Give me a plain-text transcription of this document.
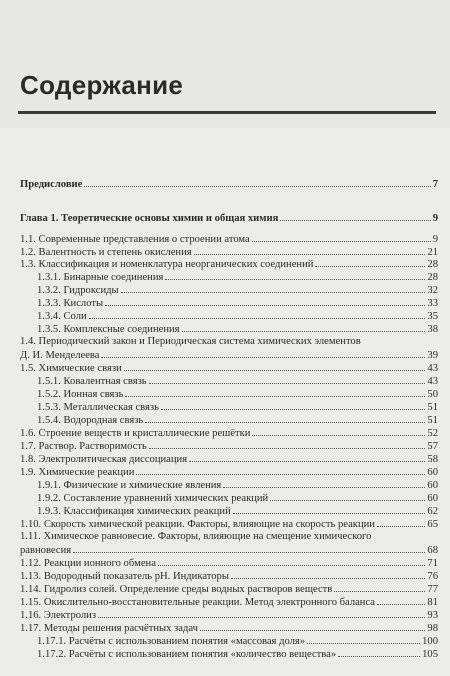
Содержание
Предисловие	7
Глава 1. Теоретические основы химии и общая химия	9
1.1. Современные представления о строении атома	9
1.2. Валентность и степень окисления	21
1.3. Классификация и номенклатура неорганических соединений	28
1.3.1. Бинарные соединения	28
1.3.2. Гидроксиды	32
1.3.3. Кислоты	33
1.3.4. Соли	35
1.3.5. Комплексные соединения	38
1.4. Периодический закон и Периодическая система химических элементов
Д. И. Менделеева	39
1.5. Химические связи	43
1.5.1. Ковалентная связь	43
1.5.2. Ионная связь	50
1.5.3. Металлическая связь	51
1.5.4. Водородная связь	51
1.6. Строение веществ и кристаллические решётки	52
1.7. Раствор. Растворимость	57
1.8. Электролитическая диссоциация	58
1.9. Химические реакции	60
1.9.1. Физические и химические явления	60
1.9.2. Составление уравнений химических реакций	60
1.9.3. Классификация химических реакций	62
1.10. Скорость химической реакции. Факторы, влияющие на скорость реакции	65
1.11. Химическое равновесие. Факторы, влияющие на смещение химического
равновесия	68
1.12. Реакции ионного обмена	71
1.13. Водородный показатель pH. Индикаторы	76
1.14. Гидролиз солей. Определение среды водных растворов веществ	77
1.15. Окислительно-восстановительные реакции. Метод электронного баланса	81
1.16. Электролиз	93
1.17. Методы решения расчётных задач	98
1.17.1. Расчёты с использованием понятия «массовая доля»	100
1.17.2. Расчёты с использованием понятия «количество вещества»	105
